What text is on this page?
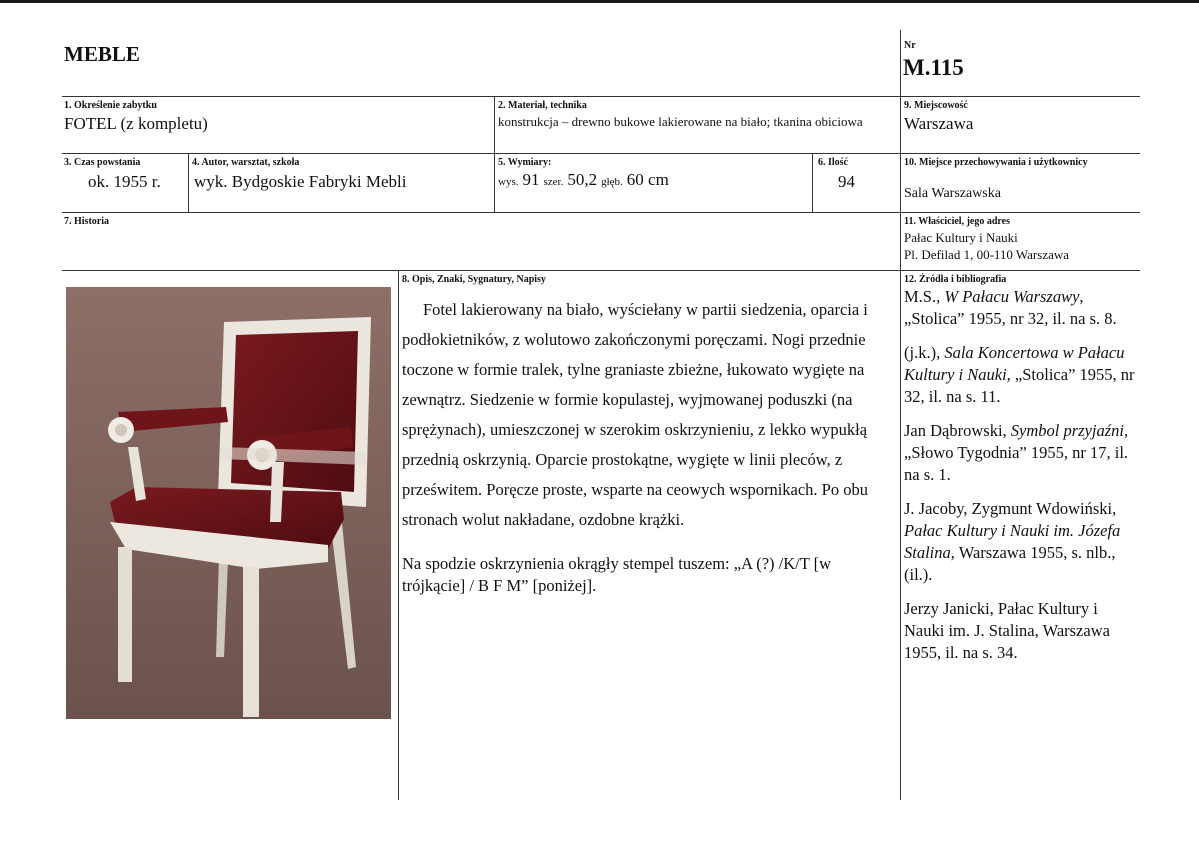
MEBLE	Nr
M.115
1. Określenie zabytku
FOTEL (z kompletu)
2. Materiał, technika
konstrukcja – drewno bukowe lakierowane na biało; tkanina obiciowa
9. Miejscowość
Warszawa
3. Czas powstania
ok. 1955 r.
4. Autor, warsztat, szkoła
wyk. Bydgoskie Fabryki Mebli
5. Wymiary:
wys. 91 szer. 50,2 głęb. 60 cm
6. Ilość
94
10. Miejsce przechowywania i użytkownicy
Sala Warszawska
7. Historia	11. Właściciel, jego adres
Pałac Kultury i Nauki
Pl. Defilad 1, 00-110 Warszawa
8. Opis, Znaki, Sygnatury, Napisy

Fotel lakierowany na biało, wyściełany w partii siedzenia, oparcia i podłokietników, z wolutowo zakończonymi poręczami. Nogi przednie toczone w formie tralek, tylne graniaste zbieżne, łukowato wygięte na zewnątrz. Siedzenie w formie kopulastej, wyjmowanej poduszki (na sprężynach), umieszczonej w szerokim oskrzynieniu, z lekko wypukłą przednią oskrzynią. Oparcie prostokątne, wygięte w linii pleców, z prześwitem. Poręcze proste, wsparte na ceowych wspornikach. Po obu stronach wolut nakładane, ozdobne krążki.

Na spodzie oskrzynienia okrągły stempel tuszem: „A (?) /K/T [w trójkącie] / B F M” [poniżej].

12. Źródła i bibliografia

M.S., W Pałacu Warszawy, „Stolica” 1955, nr 32, il. na s. 8.

(j.k.), Sala Koncertowa w Pałacu Kultury i Nauki, „Stolica” 1955, nr 32, il. na s. 11.

Jan Dąbrowski, Symbol przyjaźni, „Słowo Tygodnia” 1955, nr 17, il. na s. 1.

J. Jacoby, Zygmunt Wdowiński, Pałac Kultury i Nauki im. Józefa Stalina, Warszawa 1955, s. nlb., (il.).

Jerzy Janicki, Pałac Kultury i Nauki im. J. Stalina, Warszawa 1955, il. na s. 34.
